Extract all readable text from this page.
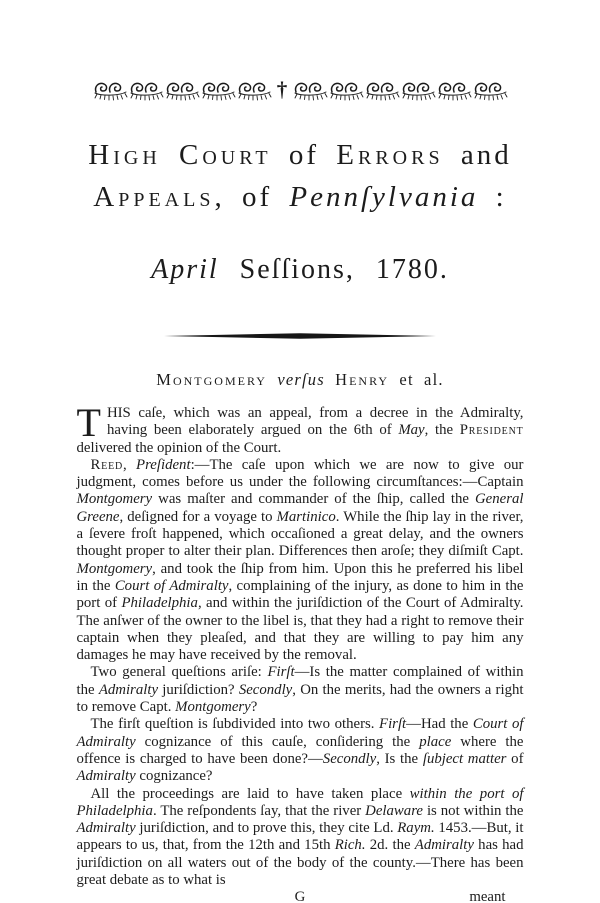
†
High Court of Errors and
Appeals, of Pennſylvania :
April Seſſions, 1780.
Montgomery verſus Henry et al.

THIS caſe, which was an appeal, from a decree in the Admiralty, having been elaborately argued on the 6th of May, the President delivered the opinion of the Court.

Reed, Preſident:—The caſe upon which we are now to give our judgment, comes before us under the following circumſtances:—Captain Montgomery was maſter and commander of the ſhip, called the General Greene, deſigned for a voyage to Martinico. While the ſhip lay in the river, a ſevere froſt happened, which occaſioned a great delay, and the owners thought proper to alter their plan. Differences then aroſe; they diſmiſt Capt. Montgomery, and took the ſhip from him. Upon this he preferred his libel in the Court of Admiralty, complaining of the injury, as done to him in the port of Philadelphia, and within the juriſdiction of the Court of Admiralty. The anſwer of the owner to the libel is, that they had a right to remove their captain when they pleaſed, and that they are willing to pay him any damages he may have received by the removal.

Two general queſtions ariſe: Firſt—Is the matter complained of within the Admiralty juriſdiction? Secondly, On the merits, had the owners a right to remove Capt. Montgomery?

The firſt queſtion is ſubdivided into two others. Firſt—Had the Court of Admiralty cognizance of this cauſe, conſidering the place where the offence is charged to have been done?—Secondly, Is the ſubject matter of Admiralty cognizance?

All the proceedings are laid to have taken place within the port of Philadelphia. The reſpondents ſay, that the river Delaware is not within the Admiralty juriſdiction, and to prove this, they cite Ld. Raym. 1453.—But, it appears to us, that, from the 12th and 15th Rich. 2d. the Admiralty has had juriſdiction on all waters out of the body of the county.—There has been great debate as to what is

G	meant
